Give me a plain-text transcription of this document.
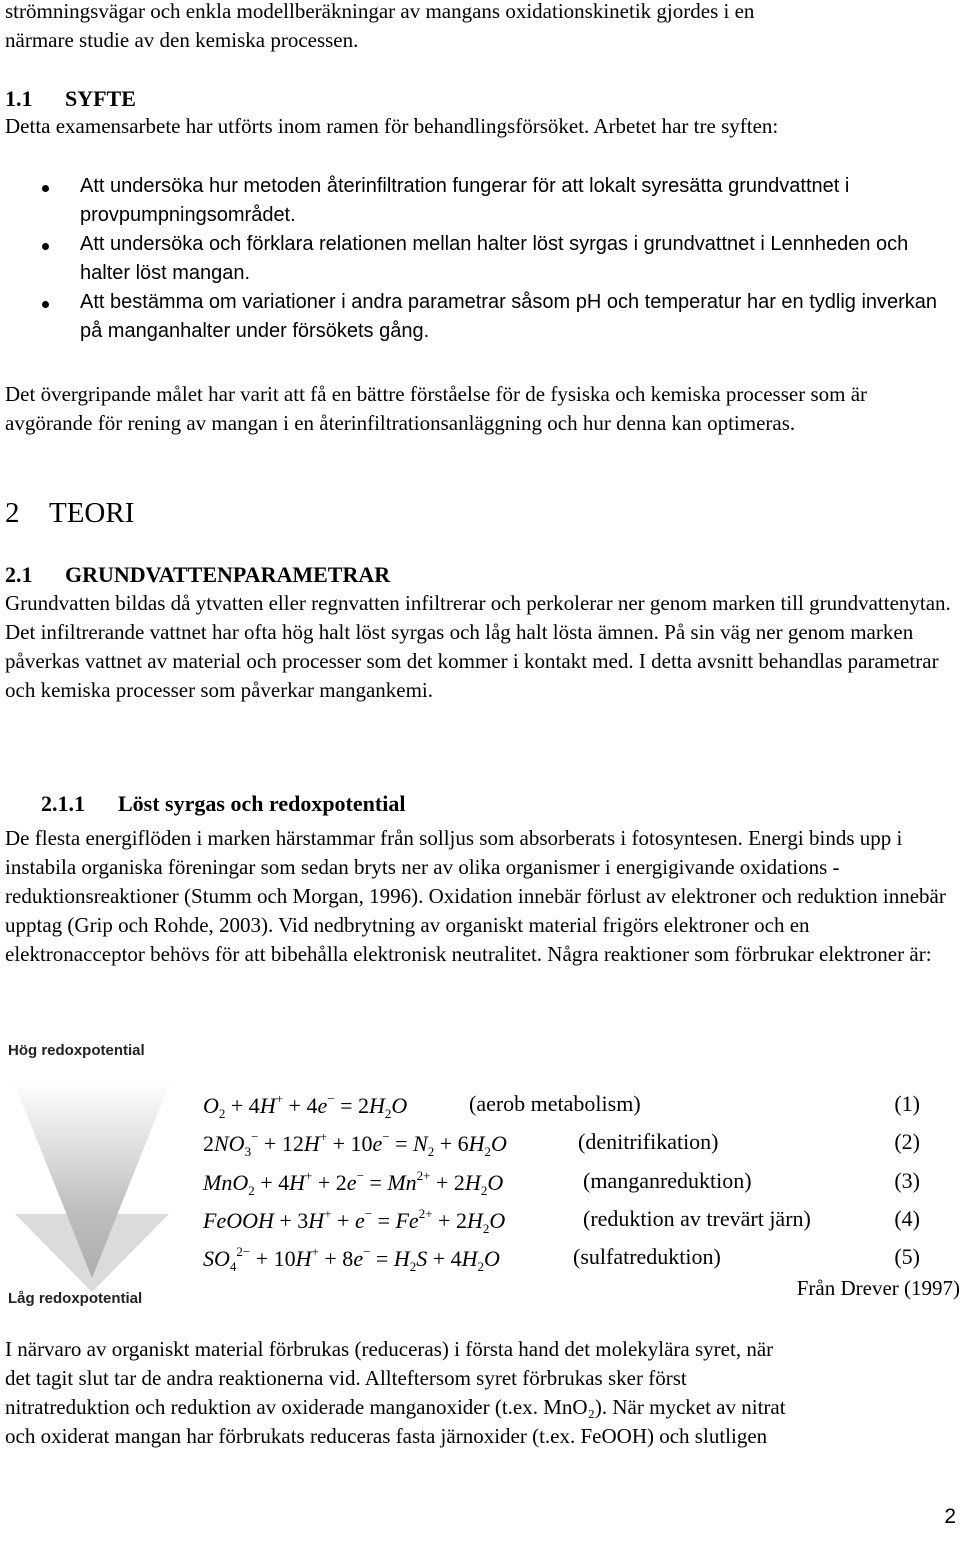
strömningsvägar och enkla modellberäkningar av mangans oxidationskinetik gjordes i en

närmare studie av den kemiska processen.

1.1 SYFTE

Detta examensarbete har utförts inom ramen för behandlingsförsöket. Arbetet har tre syften:

Att undersöka hur metoden återinfiltration fungerar för att lokalt syresätta grundvattnet i provpumpningsområdet.
Att undersöka och förklara relationen mellan halter löst syrgas i grundvattnet i Lennheden och halter löst mangan.
Att bestämma om variationer i andra parametrar såsom pH och temperatur har en tydlig inverkan på manganhalter under försökets gång.

Det övergripande målet har varit att få en bättre förståelse för de fysiska och kemiska processer som är avgörande för rening av mangan i en återinfiltrationsanläggning och hur denna kan optimeras.

2 TEORI

2.1 GRUNDVATTENPARAMETRAR

Grundvatten bildas då ytvatten eller regnvatten infiltrerar och perkolerar ner genom marken till grundvattenytan. Det infiltrerande vattnet har ofta hög halt löst syrgas och låg halt lösta ämnen. På sin väg ner genom marken påverkas vattnet av material och processer som det kommer i kontakt med. I detta avsnitt behandlas parametrar och kemiska processer som påverkar mangankemi.

2.1.1 Löst syrgas och redoxpotential

De flesta energiflöden i marken härstammar från solljus som absorberats i fotosyntesen. Energi binds upp i instabila organiska föreningar som sedan bryts ner av olika organismer i energigivande oxidations - reduktionsreaktioner (Stumm och Morgan, 1996). Oxidation innebär förlust av elektroner och reduktion innebär upptag (Grip och Rohde, 2003). Vid nedbrytning av organiskt material frigörs elektroner och en elektronacceptor behövs för att bibehålla elektronisk neutralitet. Några reaktioner som förbrukar elektroner är:

Hög redoxpotential
Låg redoxpotential
$O_2 + 4H^+ + 4e^- = 2H_2O$	(aerob metabolism)	(1)
$2NO_3^- + 12H^+ + 10e^- = N_2 + 6H_2O$	(denitrifikation)	(2)
$MnO_2 + 4H^+ + 2e^- = Mn^{2+} + 2H_2O$	(manganreduktion)	(3)
FeOOH + $3H^+ + e^- = Fe^{2+} + 2H_2O$	(reduktion av trevärt järn)	(4)
$SO_4^{2-} + 10H^+ + 8e^- = H_2S + 4H_2O$	(sulfatreduktion)	(5)
Från Drever (1997)

I närvaro av organiskt material förbrukas (reduceras) i första hand det molekylära syret, när

det tagit slut tar de andra reaktionerna vid. Allteftersom syret förbrukas sker först

nitratreduktion och reduktion av oxiderade manganoxider (t.ex. MnO₂). När mycket av nitrat

och oxiderat mangan har förbrukats reduceras fasta järnoxider (t.ex. FeOOH) och slutligen

2
